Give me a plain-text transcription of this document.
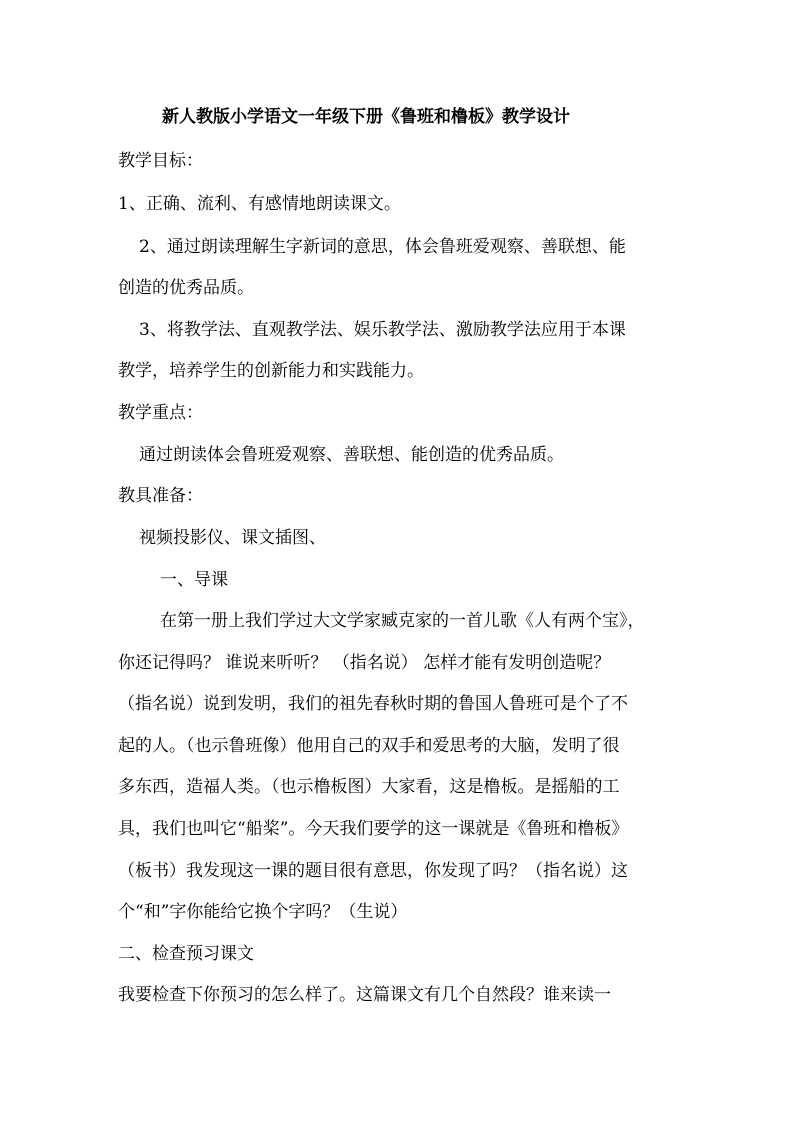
新人教版小学语文一年级下册《鲁班和橹板》教学设计
教学目标：
1、正确、流利、有感情地朗读课文。
2、通过朗读理解生字新词的意思，体会鲁班爱观察、善联想、能
创造的优秀品质。
3、将教学法、直观教学法、娱乐教学法、激励教学法应用于本课
教学，培养学生的创新能力和实践能力。
教学重点：
通过朗读体会鲁班爱观察、善联想、能创造的优秀品质。
教具准备：
视频投影仪、课文插图、
一、导课
在第一册上我们学过大文学家臧克家的一首儿歌《人有两个宝》，
你还记得吗？ 谁说来听听？ （指名说） 怎样才能有发明创造呢？
（指名说）说到发明，我们的祖先春秋时期的鲁国人鲁班可是个了不
起的人。（也示鲁班像）他用自己的双手和爱思考的大脑，发明了很
多东西，造福人类。（也示橹板图）大家看，这是橹板。是摇船的工
具，我们也叫它“船桨”。今天我们要学的这一课就是《鲁班和橹板》
（板书）我发现这一课的题目很有意思，你发现了吗？（指名说）这
个“和”字你能给它换个字吗？（生说）
二、检查预习课文
我要检查下你预习的怎么样了。这篇课文有几个自然段？谁来读一
